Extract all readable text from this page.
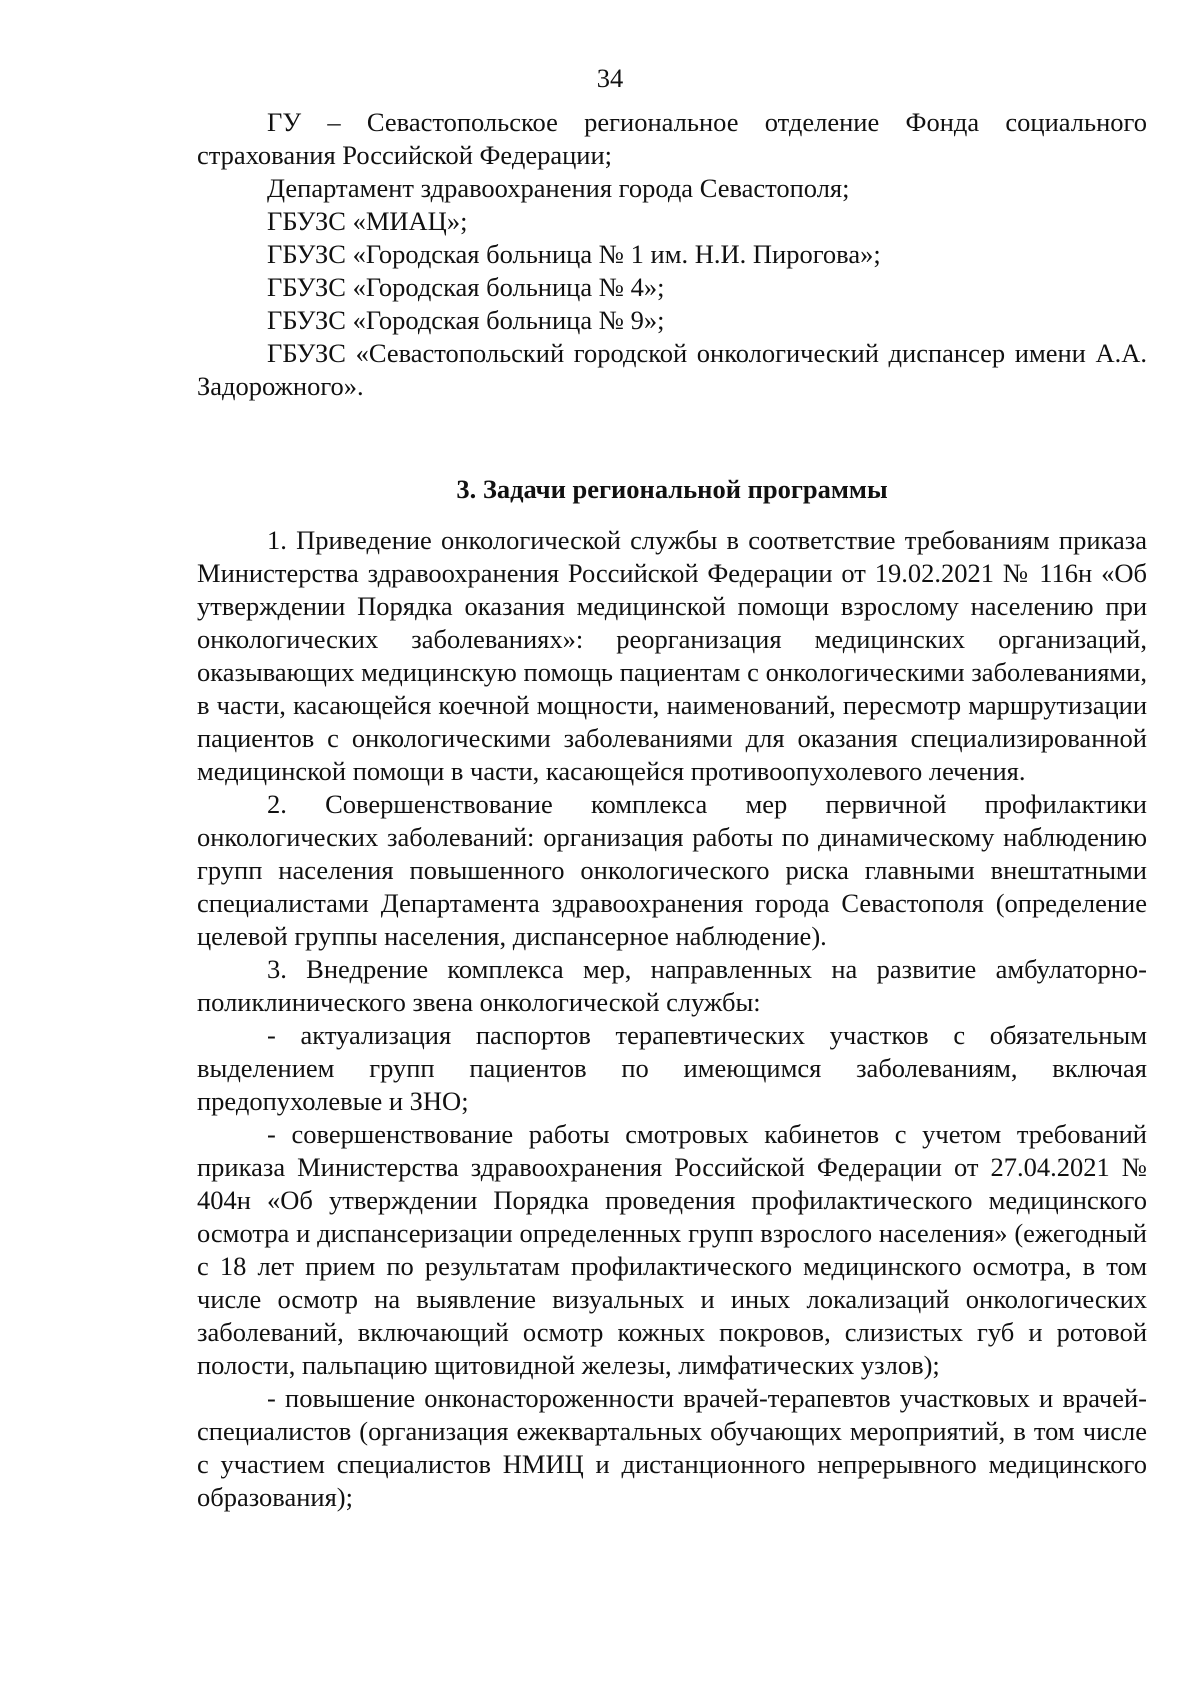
34

ГУ – Севастопольское региональное отделение Фонда социального страхования Российской Федерации;

Департамент здравоохранения города Севастополя;

ГБУЗС «МИАЦ»;

ГБУЗС «Городская больница № 1 им. Н.И. Пирогова»;

ГБУЗС «Городская больница № 4»;

ГБУЗС «Городская больница № 9»;

ГБУЗС «Севастопольский городской онкологический диспансер имени А.А. Задорожного».

3. Задачи региональной программы

1. Приведение онкологической службы в соответствие требованиям приказа Министерства здравоохранения Российской Федерации от 19.02.2021 № 116н «Об утверждении Порядка оказания медицинской помощи взрослому населению при онкологических заболеваниях»: реорганизация медицинских организаций, оказывающих медицинскую помощь пациентам с онкологическими заболеваниями, в части, касающейся коечной мощности, наименований, пересмотр маршрутизации пациентов с онкологическими заболеваниями для оказания специализированной медицинской помощи в части, касающейся противоопухолевого лечения.

2. Совершенствование комплекса мер первичной профилактики онкологических заболеваний: организация работы по динамическому наблюдению групп населения повышенного онкологического риска главными внештатными специалистами Департамента здравоохранения города Севастополя (определение целевой группы населения, диспансерное наблюдение).

3. Внедрение комплекса мер, направленных на развитие амбулаторно-поликлинического звена онкологической службы:

- актуализация паспортов терапевтических участков с обязательным выделением групп пациентов по имеющимся заболеваниям, включая предопухолевые и ЗНО;

- совершенствование работы смотровых кабинетов с учетом требований приказа Министерства здравоохранения Российской Федерации от 27.04.2021 № 404н «Об утверждении Порядка проведения профилактического медицинского осмотра и диспансеризации определенных групп взрослого населения» (ежегодный с 18 лет прием по результатам профилактического медицинского осмотра, в том числе осмотр на выявление визуальных и иных локализаций онкологических заболеваний, включающий осмотр кожных покровов, слизистых губ и ротовой полости, пальпацию щитовидной железы, лимфатических узлов);

- повышение онконастороженности врачей-терапевтов участковых и врачей-специалистов (организация ежеквартальных обучающих мероприятий, в том числе с участием специалистов НМИЦ и дистанционного непрерывного медицинского образования);
